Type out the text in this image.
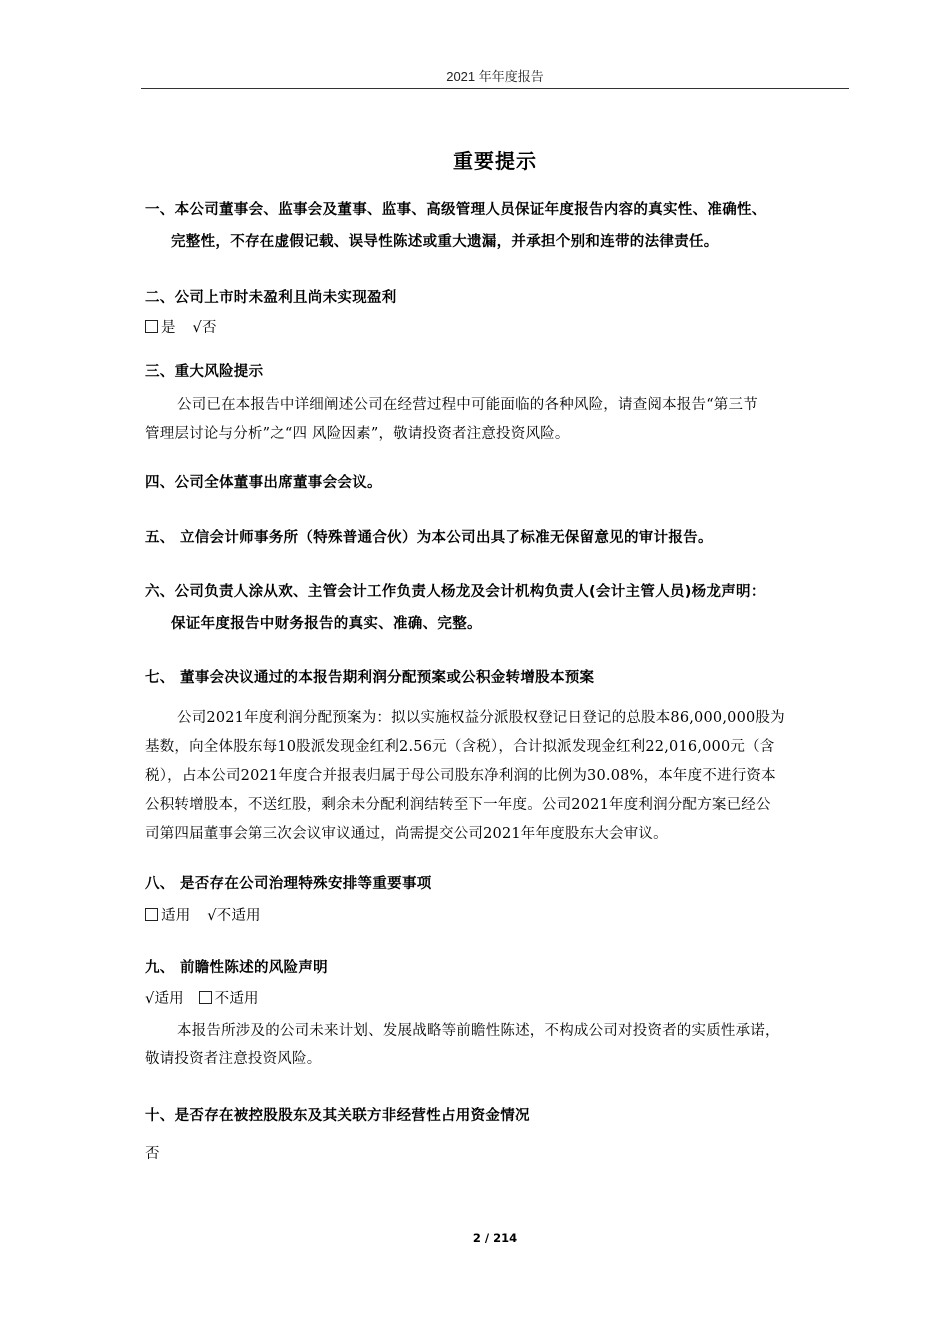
2021 年年度报告
重要提示
一、本公司董事会、监事会及董事、监事、高级管理人员保证年度报告内容的真实性、准确性、
完整性，不存在虚假记载、误导性陈述或重大遗漏，并承担个别和连带的法律责任。
二、公司上市时未盈利且尚未实现盈利
是 √否
三、重大风险提示
公司已在本报告中详细阐述公司在经营过程中可能面临的各种风险，请查阅本报告“第三节
管理层讨论与分析”之“四 风险因素”，敬请投资者注意投资风险。
四、公司全体董事出席董事会会议。
五、 立信会计师事务所（特殊普通合伙）为本公司出具了标准无保留意见的审计报告。
六、公司负责人涂从欢、主管会计工作负责人杨龙及会计机构负责人(会计主管人员)杨龙声明：
保证年度报告中财务报告的真实、准确、完整。
七、 董事会决议通过的本报告期利润分配预案或公积金转增股本预案
公司2021年度利润分配预案为：拟以实施权益分派股权登记日登记的总股本86,000,000股为
基数，向全体股东每10股派发现金红利2.56元（含税），合计拟派发现金红利22,016,000元（含
税），占本公司2021年度合并报表归属于母公司股东净利润的比例为30.08%，本年度不进行资本
公积转增股本，不送红股，剩余未分配利润结转至下一年度。公司2021年度利润分配方案已经公
司第四届董事会第三次会议审议通过，尚需提交公司2021年年度股东大会审议。
八、 是否存在公司治理特殊安排等重要事项
适用 √不适用
九、 前瞻性陈述的风险声明
√适用 不适用
本报告所涉及的公司未来计划、发展战略等前瞻性陈述，不构成公司对投资者的实质性承诺，
敬请投资者注意投资风险。
十、是否存在被控股股东及其关联方非经营性占用资金情况
否
2 / 214
